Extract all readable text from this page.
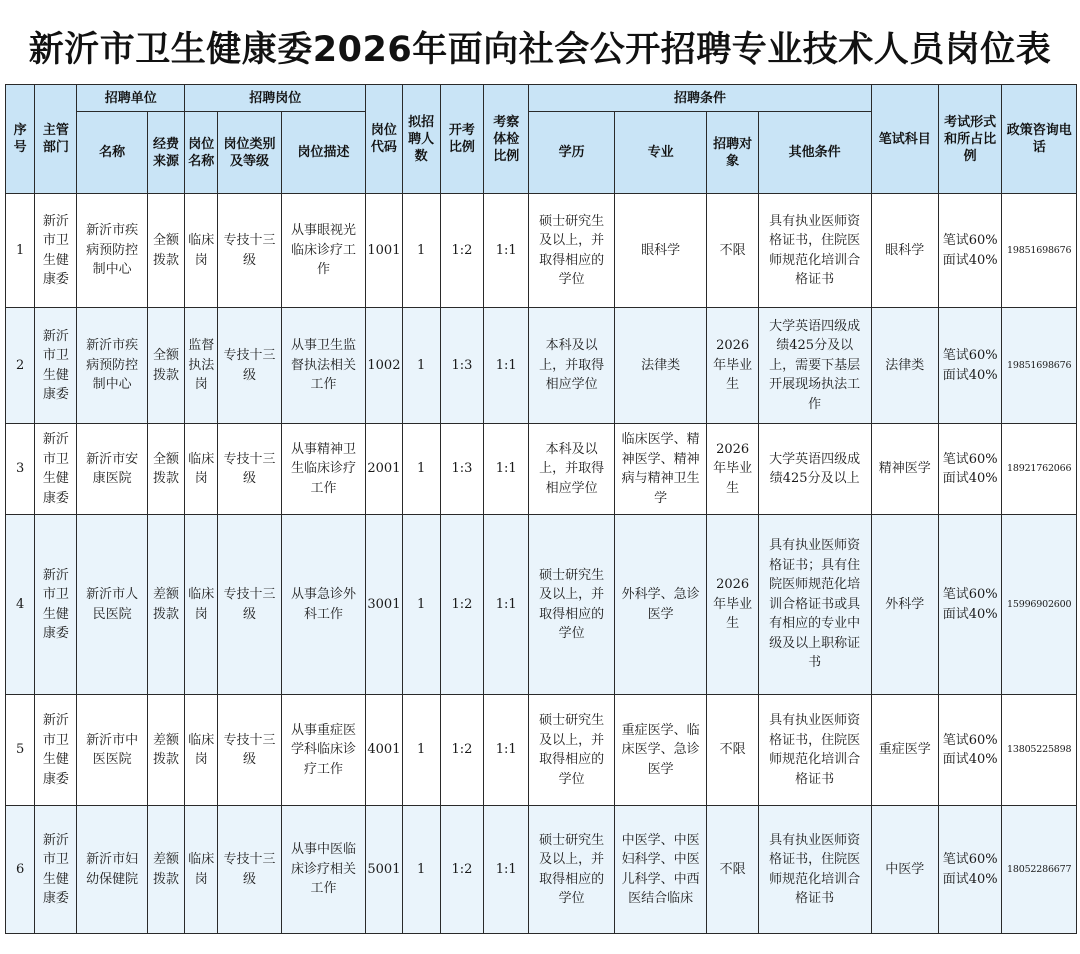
新沂市卫生健康委2026年面向社会公开招聘专业技术人员岗位表
序号	主管部门	招聘单位		招聘岗位			岗位代码	拟招聘人数	开考比例	考察体检比例	招聘条件				笔试科目	考试形式和所占比例	政策咨询电话
		名称	经费来源	岗位名称	岗位类别及等级	岗位描述					学历	专业	招聘对象	其他条件			
1	新沂市卫生健康委	新沂市疾病预防控制中心	全额拨款	临床岗	专技十三级	从事眼视光临床诊疗工作	1001	1	1:2	1:1	硕士研究生及以上，并取得相应的学位	眼科学	不限	具有执业医师资格证书，住院医师规范化培训合格证书	眼科学	笔试60%面试40%	19851698676
2	新沂市卫生健康委	新沂市疾病预防控制中心	全额拨款	监督执法岗	专技十三级	从事卫生监督执法相关工作	1002	1	1:3	1:1	本科及以上，并取得相应学位	法律类	2026年毕业生	大学英语四级成绩425分及以上，需要下基层开展现场执法工作	法律类	笔试60%面试40%	19851698676
3	新沂市卫生健康委	新沂市安康医院	全额拨款	临床岗	专技十三级	从事精神卫生临床诊疗工作	2001	1	1:3	1:1	本科及以上，并取得相应学位	临床医学、精神医学、精神病与精神卫生学	2026年毕业生	大学英语四级成绩425分及以上	精神医学	笔试60%面试40%	18921762066
4	新沂市卫生健康委	新沂市人民医院	差额拨款	临床岗	专技十三级	从事急诊外科工作	3001	1	1:2	1:1	硕士研究生及以上，并取得相应的学位	外科学、急诊医学	2026年毕业生	具有执业医师资格证书；具有住院医师规范化培训合格证书或具有相应的专业中级及以上职称证书	外科学	笔试60%面试40%	15996902600
5	新沂市卫生健康委	新沂市中医医院	差额拨款	临床岗	专技十三级	从事重症医学科临床诊疗工作	4001	1	1:2	1:1	硕士研究生及以上，并取得相应的学位	重症医学、临床医学、急诊医学	不限	具有执业医师资格证书，住院医师规范化培训合格证书	重症医学	笔试60%面试40%	13805225898
6	新沂市卫生健康委	新沂市妇幼保健院	差额拨款	临床岗	专技十三级	从事中医临床诊疗相关工作	5001	1	1:2	1:1	硕士研究生及以上，并取得相应的学位	中医学、中医妇科学、中医儿科学、中西医结合临床	不限	具有执业医师资格证书，住院医师规范化培训合格证书	中医学	笔试60%面试40%	18052286677
